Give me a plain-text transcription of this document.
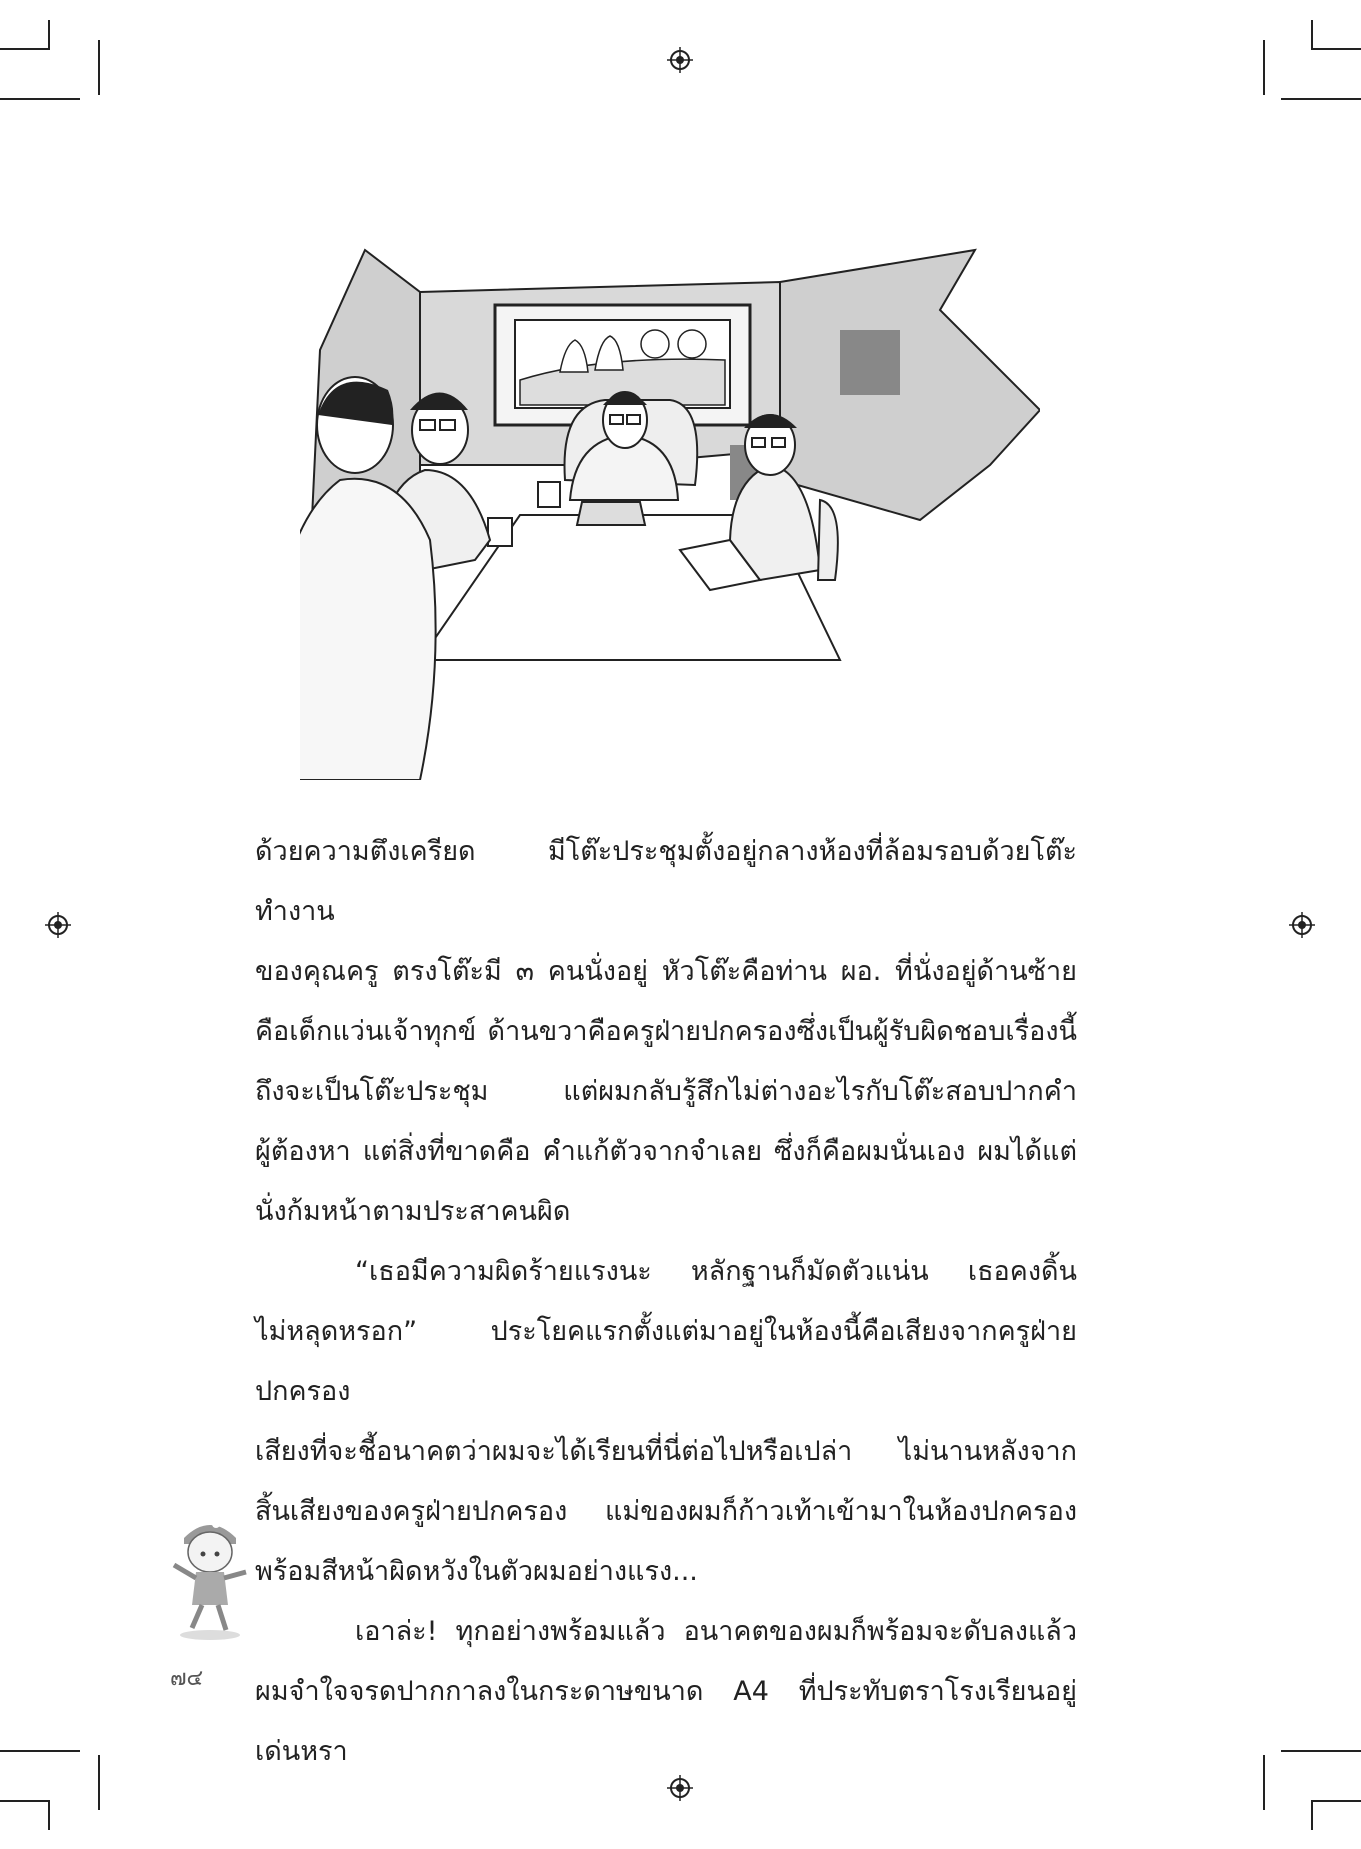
ด้วยความตึงเครียด มีโต๊ะประชุมตั้งอยู่กลางห้องที่ล้อมรอบด้วยโต๊ะทำงาน

ของคุณครู ตรงโต๊ะมี ๓ คนนั่งอยู่ หัวโต๊ะคือท่าน ผอ. ที่นั่งอยู่ด้านซ้าย

คือเด็กแว่นเจ้าทุกข์ ด้านขวาคือครูฝ่ายปกครองซึ่งเป็นผู้รับผิดชอบเรื่องนี้

ถึงจะเป็นโต๊ะประชุม แต่ผมกลับรู้สึกไม่ต่างอะไรกับโต๊ะสอบปากคำ

ผู้ต้องหา แต่สิ่งที่ขาดคือ คำแก้ตัวจากจำเลย ซึ่งก็คือผมนั่นเอง ผมได้แต่

นั่งก้มหน้าตามประสาคนผิด

“เธอมีความผิดร้ายแรงนะ หลักฐานก็มัดตัวแน่น เธอคงดิ้น

ไม่หลุดหรอก” ประโยคแรกตั้งแต่มาอยู่ในห้องนี้คือเสียงจากครูฝ่ายปกครอง

เสียงที่จะชี้อนาคตว่าผมจะได้เรียนที่นี่ต่อไปหรือเปล่า ไม่นานหลังจาก

สิ้นเสียงของครูฝ่ายปกครอง แม่ของผมก็ก้าวเท้าเข้ามาในห้องปกครอง

พร้อมสีหน้าผิดหวังในตัวผมอย่างแรง...

เอาล่ะ! ทุกอย่างพร้อมแล้ว อนาคตของผมก็พร้อมจะดับลงแล้ว

ผมจำใจจรดปากกาลงในกระดาษขนาด A4 ที่ประทับตราโรงเรียนอยู่เด่นหรา

๗๔
